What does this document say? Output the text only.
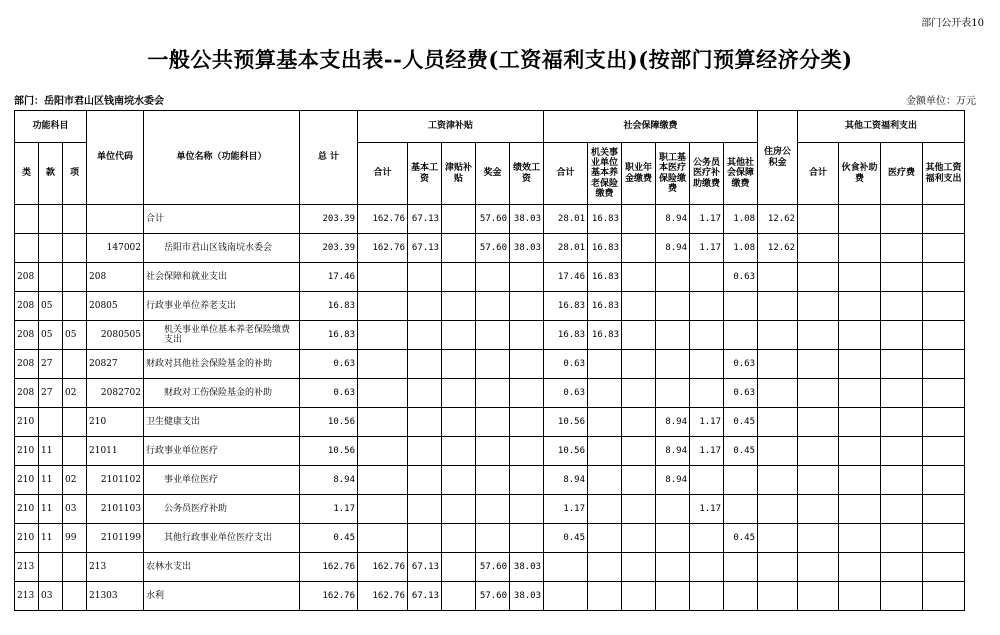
部门公开表10
一般公共预算基本支出表--人员经费(工资福利支出)(按部门预算经济分类)
部门：岳阳市君山区钱南垸水委会	金额单位：万元
功能科目			单位代码	单位名称（功能科目）	总 计	工资津补贴					社会保障缴费						住房公积金	其他工资福利支出			
类	款	项				合计	基本工资	津贴补贴	奖金	绩效工资	合计	机关事业单位基本养老保险缴费	职业年金缴费	职工基本医疗保险缴费	公务员医疗补助缴费	其他社会保障缴费		合计	伙食补助费	医疗费	其他工资福利支出
				合计	203.39	162.76	67.13		57.60	38.03	28.01	16.83		8.94	1.17	1.08	12.62				
			147002	岳阳市君山区钱南垸水委会	203.39	162.76	67.13		57.60	38.03	28.01	16.83		8.94	1.17	1.08	12.62				
208			208	社会保障和就业支出	17.46						17.46	16.83				0.63					
208	05		20805	行政事业单位养老支出	16.83						16.83	16.83									
208	05	05	2080505	机关事业单位基本养老保险缴费支出	16.83						16.83	16.83									
208	27		20827	财政对其他社会保险基金的补助	0.63						0.63					0.63					
208	27	02	2082702	财政对工伤保险基金的补助	0.63						0.63					0.63					
210			210	卫生健康支出	10.56						10.56			8.94	1.17	0.45					
210	11		21011	行政事业单位医疗	10.56						10.56			8.94	1.17	0.45					
210	11	02	2101102	事业单位医疗	8.94						8.94			8.94							
210	11	03	2101103	公务员医疗补助	1.17						1.17				1.17						
210	11	99	2101199	其他行政事业单位医疗支出	0.45						0.45					0.45					
213			213	农林水支出	162.76	162.76	67.13		57.60	38.03											
213	03		21303	水利	162.76	162.76	67.13		57.60	38.03											
